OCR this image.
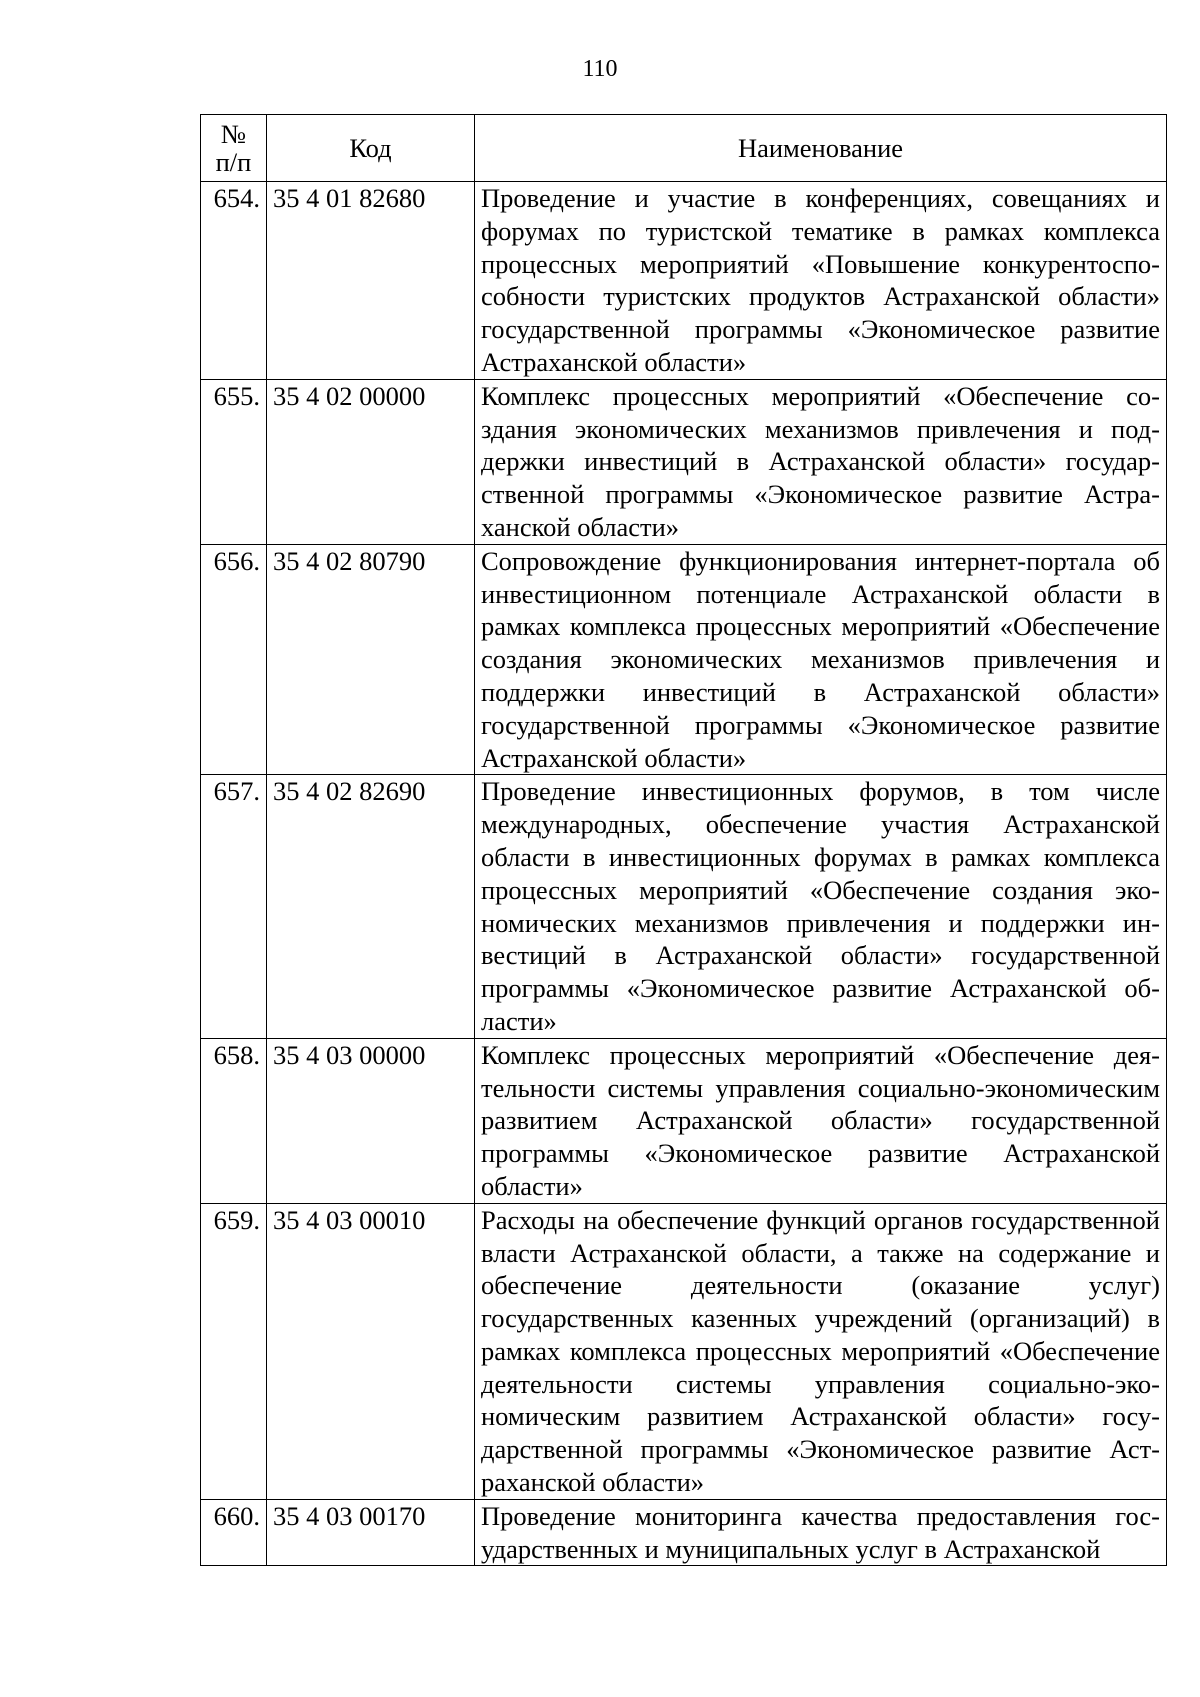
110
№
п/п	Код	Наименование
654.	35 4 01 82680	Проведение и участие в конференциях, совещаниях и форумах по туристской тематике в рамках комплекса процессных мероприятий «Повышение конкурентоспособности туристских продуктов Астраханской области» государственной программы «Экономическое развитие Астраханской области»
655.	35 4 02 00000	Комплекс процессных мероприятий «Обеспечение создания экономических механизмов привлечения и поддержки инвестиций в Астраханской области» государственной программы «Экономическое развитие Астраханской области»
656.	35 4 02 80790	Сопровождение функционирования интернет-портала об инвестиционном потенциале Астраханской области в рамках комплекса процессных мероприятий «Обеспечение создания экономических механизмов привлечения и поддержки инвестиций в Астраханской области» государственной программы «Экономическое развитие Астраханской области»
657.	35 4 02 82690	Проведение инвестиционных форумов, в том числе международных, обеспечение участия Астраханской области в инвестиционных форумах в рамках комплекса процессных мероприятий «Обеспечение создания экономических механизмов привлечения и поддержки инвестиций в Астраханской области» государственной программы «Экономическое развитие Астраханской области»
658.	35 4 03 00000	Комплекс процессных мероприятий «Обеспечение деятельности системы управления социально-экономическим развитием Астраханской области» государственной программы «Экономическое развитие Астраханской области»
659.	35 4 03 00010	Расходы на обеспечение функций органов государственной власти Астраханской области, а также на содержание и обеспечение деятельности (оказание услуг) государственных казенных учреждений (организаций) в рамках комплекса процессных мероприятий «Обеспечение деятельности системы управления социально-экономическим развитием Астраханской области» государственной программы «Экономическое развитие Астраханской области»
660.	35 4 03 00170	Проведение мониторинга качества предоставления государственных и муниципальных услуг в Астраханской
